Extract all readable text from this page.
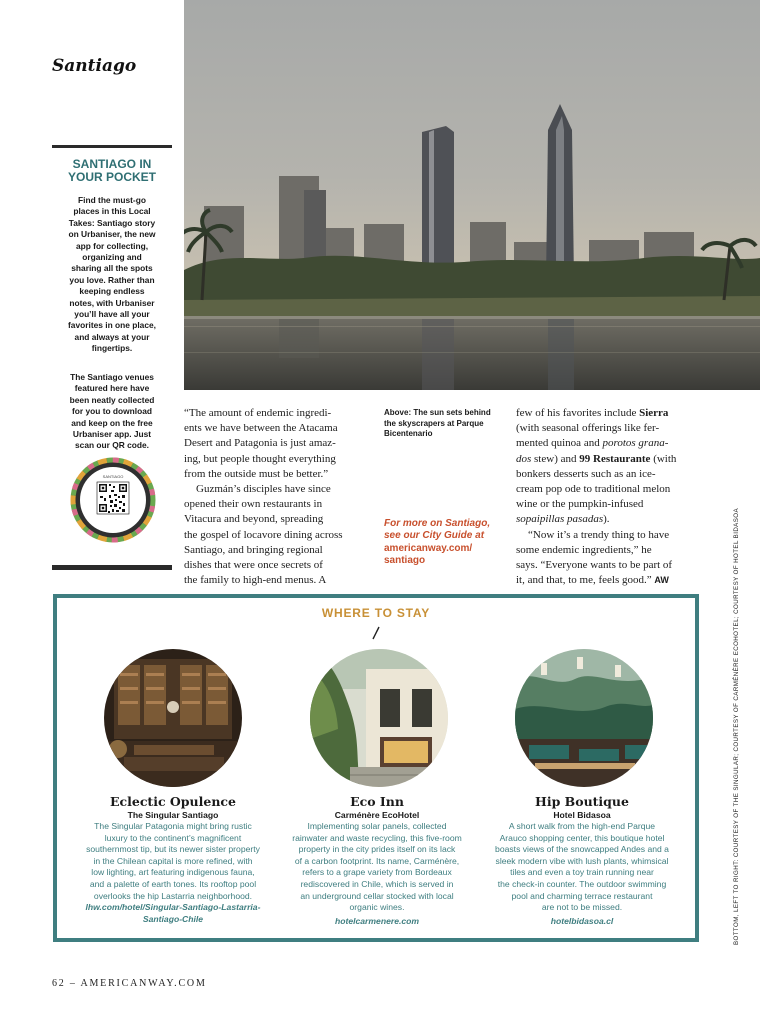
Santiago
SANTIAGO IN
YOUR POCKET
Find the must-go
places in this Local
Takes: Santiago story
on Urbaniser, the new
app for collecting,
organizing and
sharing all the spots
you love. Rather than
keeping endless
notes, with Urbaniser
you’ll have all your
favorites in one place,
and always at your
fingertips.
The Santiago venues
featured here have
been neatly collected
for you to download
and keep on the free
Urbaniser app. Just
scan our QR code.
SANTIAGO

“The amount of endemic ingredi-

ents we have between the Atacama

Desert and Patagonia is just amaz-

ing, but people thought everything

from the outside must be better.”

Guzmán’s disciples have since

opened their own restaurants in

Vitacura and beyond, spreading

the gospel of locavore dining across

Santiago, and bringing regional

dishes that were once secrets of

the family to high-end menus. A

Above: The sun sets behind the skyscrapers at Parque Bicentenario
For more on Santiago,
see our City Guide at
americanway.com/
santiago

few of his favorites include Sierra

(with seasonal offerings like fer-

mented quinoa and porotos grana-

dos stew) and 99 Restaurante (with

bonkers desserts such as an ice-

cream pop ode to traditional melon

wine or the pumpkin-infused

sopaipillas pasadas).

“Now it’s a trendy thing to have

some endemic ingredients,” he

says. “Everyone wants to be part of

it, and that, to me, feels good.” AW

WHERE TO STAY
Eclectic Opulence
The Singular Santiago
The Singular Patagonia might bring rustic
luxury to the continent’s magnificent
southernmost tip, but its newer sister property
in the Chilean capital is more refined, with
low lighting, art featuring indigenous fauna,
and a palette of earth tones. Its rooftop pool
overlooks the hip Lastarria neighborhood.
lhw.com/hotel/Singular-Santiago-Lastarria-
Santiago-Chile
Eco Inn
Carménère EcoHotel
Implementing solar panels, collected
rainwater and waste recycling, this five-room
property in the city prides itself on its lack
of a carbon footprint. Its name, Carménère,
refers to a grape variety from Bordeaux
rediscovered in Chile, which is served in
an underground cellar stocked with local
organic wines.
hotelcarmenere.com
Hip Boutique
Hotel Bidasoa
A short walk from the high-end Parque
Arauco shopping center, this boutique hotel
boasts views of the snowcapped Andes and a
sleek modern vibe with lush plants, whimsical
tiles and even a toy train running near
the check-in counter. The outdoor swimming
pool and charming terrace restaurant
are not to be missed.
hotelbidasoa.cl	BOTTOM, LEFT TO RIGHT: COURTESY OF THE SINGULAR; COURTESY OF CARMÉNÈRE ECOHOTEL; COURTESY OF HOTEL BIDASOA
62 – AMERICANWAY.COM
